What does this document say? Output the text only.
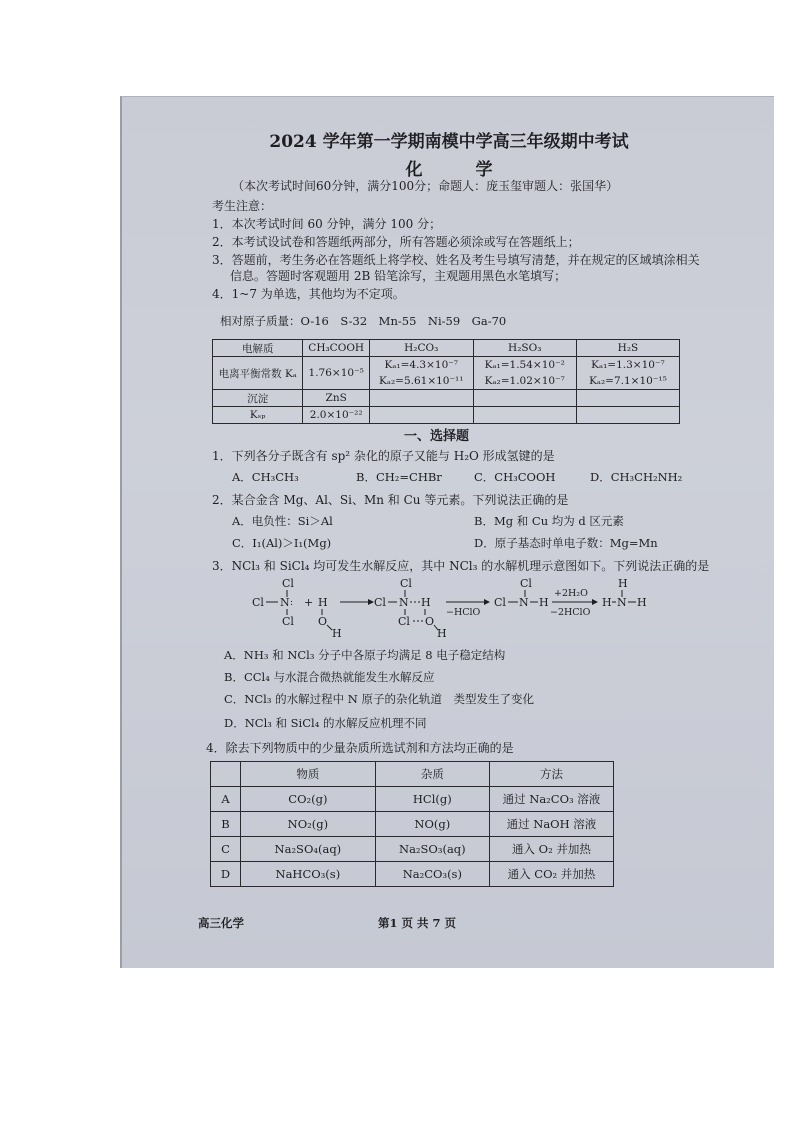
2024 学年第一学期南模中学高三年级期中考试
化　学
（本次考试时间60分钟，满分100分；命题人：庞玉玺审题人：张国华）
考生注意：
1．本次考试时间 60 分钟，满分 100 分；
2．本考试设试卷和答题纸两部分，所有答题必须涂或写在答题纸上；
3．答题前，考生务必在答题纸上将学校、姓名及考生号填写清楚，并在规定的区域填涂相关
信息。答题时客观题用 2B 铅笔涂写，主观题用黑色水笔填写；
4．1~7 为单选，其他均为不定项。
相对原子质量：O-16　S-32　Mn-55　Ni-59　Ga-70
电解质	CH₃COOH	H₂CO₃	H₂SO₃	H₂S
电离平衡常数 Kₐ	1.76×10⁻⁵	Kₐ₁=4.3×10⁻⁷	Kₐ₁=1.54×10⁻²	Kₐ₁=1.3×10⁻⁷
		Kₐ₂=5.61×10⁻¹¹	Kₐ₂=1.02×10⁻⁷	Kₐ₂=7.1×10⁻¹⁵
沉淀	ZnS			
Kₛₚ	2.0×10⁻²²			
一、选择题
1．下列各分子既含有 sp² 杂化的原子又能与 H₂O 形成氢键的是
A．CH₃CH₃	B．CH₂=CHBr	C．CH₃COOH	D．CH₃CH₂NH₂
2．某合金含 Mg、Al、Si、Mn 和 Cu 等元素。下列说法正确的是
A．电负性：Si＞Al	B．Mg 和 Cu 均为 d 区元素
C．I₁(Al)＞I₁(Mg)	D．原子基态时单电子数：Mg=Mn
3．NCl₃ 和 SiCl₄ 均可发生水解反应，其中 NCl₃ 的水解机理示意图如下。下列说法正确的是
Cl
Cl N :
Cl
+ H
O
H
Cl
Cl N H
Cl O
H
−HClO
Cl
Cl N H
+2H₂O
−2HClO
H
H N H
A．NH₃ 和 NCl₃ 分子中各原子均满足 8 电子稳定结构
B．CCl₄ 与水混合微热就能发生水解反应
C．NCl₃ 的水解过程中 N 原子的杂化轨道　类型发生了变化
D．NCl₃ 和 SiCl₄ 的水解反应机理不同
4．除去下列物质中的少量杂质所选试剂和方法均正确的是
	物质	杂质	方法
A	CO₂(g)	HCl(g)	通过 Na₂CO₃ 溶液
B	NO₂(g)	NO(g)	通过 NaOH 溶液
C	Na₂SO₄(aq)	Na₂SO₃(aq)	通入 O₂ 并加热
D	NaHCO₃(s)	Na₂CO₃(s)	通入 CO₂ 并加热
高三化学	第1 页 共 7 页
